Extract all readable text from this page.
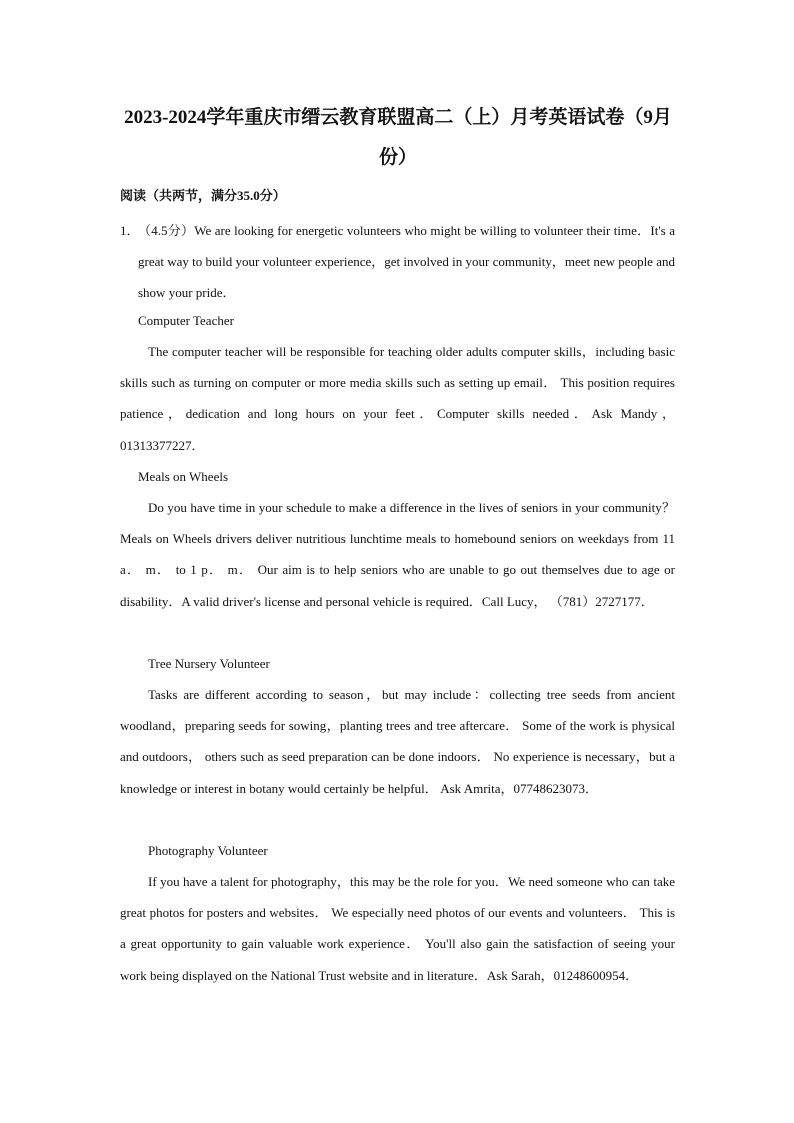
2023-2024学年重庆市缙云教育联盟高二（上）月考英语试卷（9月份）
阅读（共两节，满分35.0分）
1．
（4.5分）We are looking for energetic volunteers who might be willing to volunteer their time．It's a great way to build your volunteer experience，get involved in your community，meet new people and show your pride．
Computer Teacher
The computer teacher will be responsible for teaching older adults computer skills，including basic skills such as turning on computer or more media skills such as setting up email． This position requires patience，dedication and long hours on your feet．Computer skills needed．Ask Mandy，01313377227．
Meals on Wheels
Do you have time in your schedule to make a difference in the lives of seniors in your community？Meals on Wheels drivers deliver nutritious lunchtime meals to homebound seniors on weekdays from 11 a． m． to 1 p． m． Our aim is to help seniors who are unable to go out themselves due to age or disability．A valid driver's license and personal vehicle is required．Call Lucy， （781）2727177．
Tree Nursery Volunteer
Tasks are different according to season，but may include：collecting tree seeds from ancient woodland，preparing seeds for sowing，planting trees and tree aftercare． Some of the work is physical and outdoors， others such as seed preparation can be done indoors． No experience is necessary，but a knowledge or interest in botany would certainly be helpful． Ask Amrita，07748623073．
Photography Volunteer
If you have a talent for photography，this may be the role for you．We need someone who can take great photos for posters and websites． We especially need photos of our events and volunteers． This is a great opportunity to gain valuable work experience． You'll also gain the satisfaction of seeing your work being displayed on the National Trust website and in literature．Ask Sarah，01248600954．
